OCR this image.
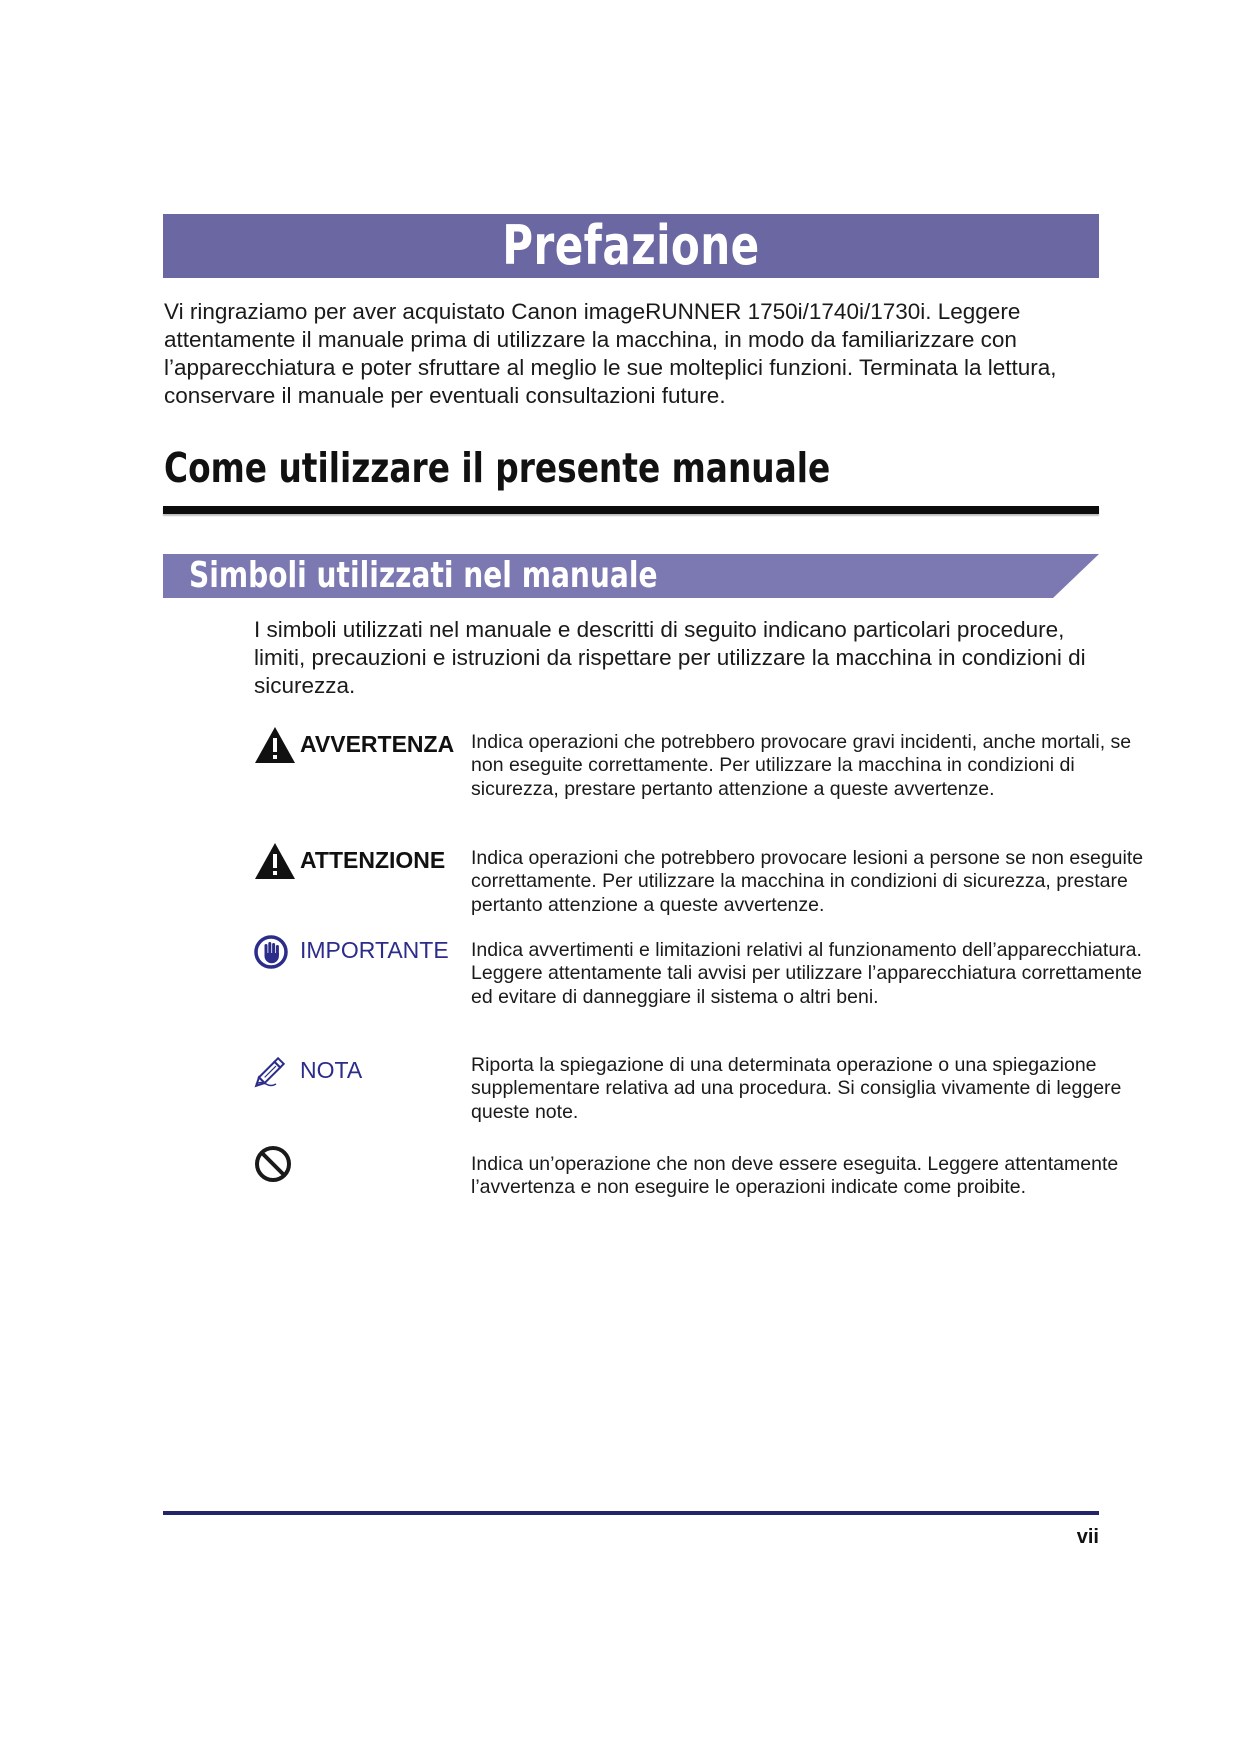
Prefazione

Vi ringraziamo per aver acquistato Canon imageRUNNER 1750i/1740i/1730i. Leggere attentamente il manuale prima di utilizzare la macchina, in modo da familiarizzare con l’apparecchiatura e poter sfruttare al meglio le sue molteplici funzioni. Terminata la lettura, conservare il manuale per eventuali consultazioni future.

Come utilizzare il presente manuale
Simboli utilizzati nel manuale

I simboli utilizzati nel manuale e descritti di seguito indicano particolari procedure, limiti, precauzioni e istruzioni da rispettare per utilizzare la macchina in condizioni di sicurezza.

AVVERTENZA Indica operazioni che potrebbero provocare gravi incidenti, anche mortali, se non eseguite correttamente. Per utilizzare la macchina in condizioni di sicurezza, prestare pertanto attenzione a queste avvertenze.

ATTENZIONE Indica operazioni che potrebbero provocare lesioni a persone se non eseguite correttamente. Per utilizzare la macchina in condizioni di sicurezza, prestare pertanto attenzione a queste avvertenze.

IMPORTANTE Indica avvertimenti e limitazioni relativi al funzionamento dell’apparecchiatura. Leggere attentamente tali avvisi per utilizzare l’apparecchiatura correttamente ed evitare di danneggiare il sistema o altri beni.

NOTA	Riporta la spiegazione di una determinata operazione o una spiegazione supplementare relativa ad una procedura. Si consiglia vivamente di leggere queste note.

Indica un’operazione che non deve essere eseguita. Leggere attentamente l’avvertenza e non eseguire le operazioni indicate come proibite.

vii
